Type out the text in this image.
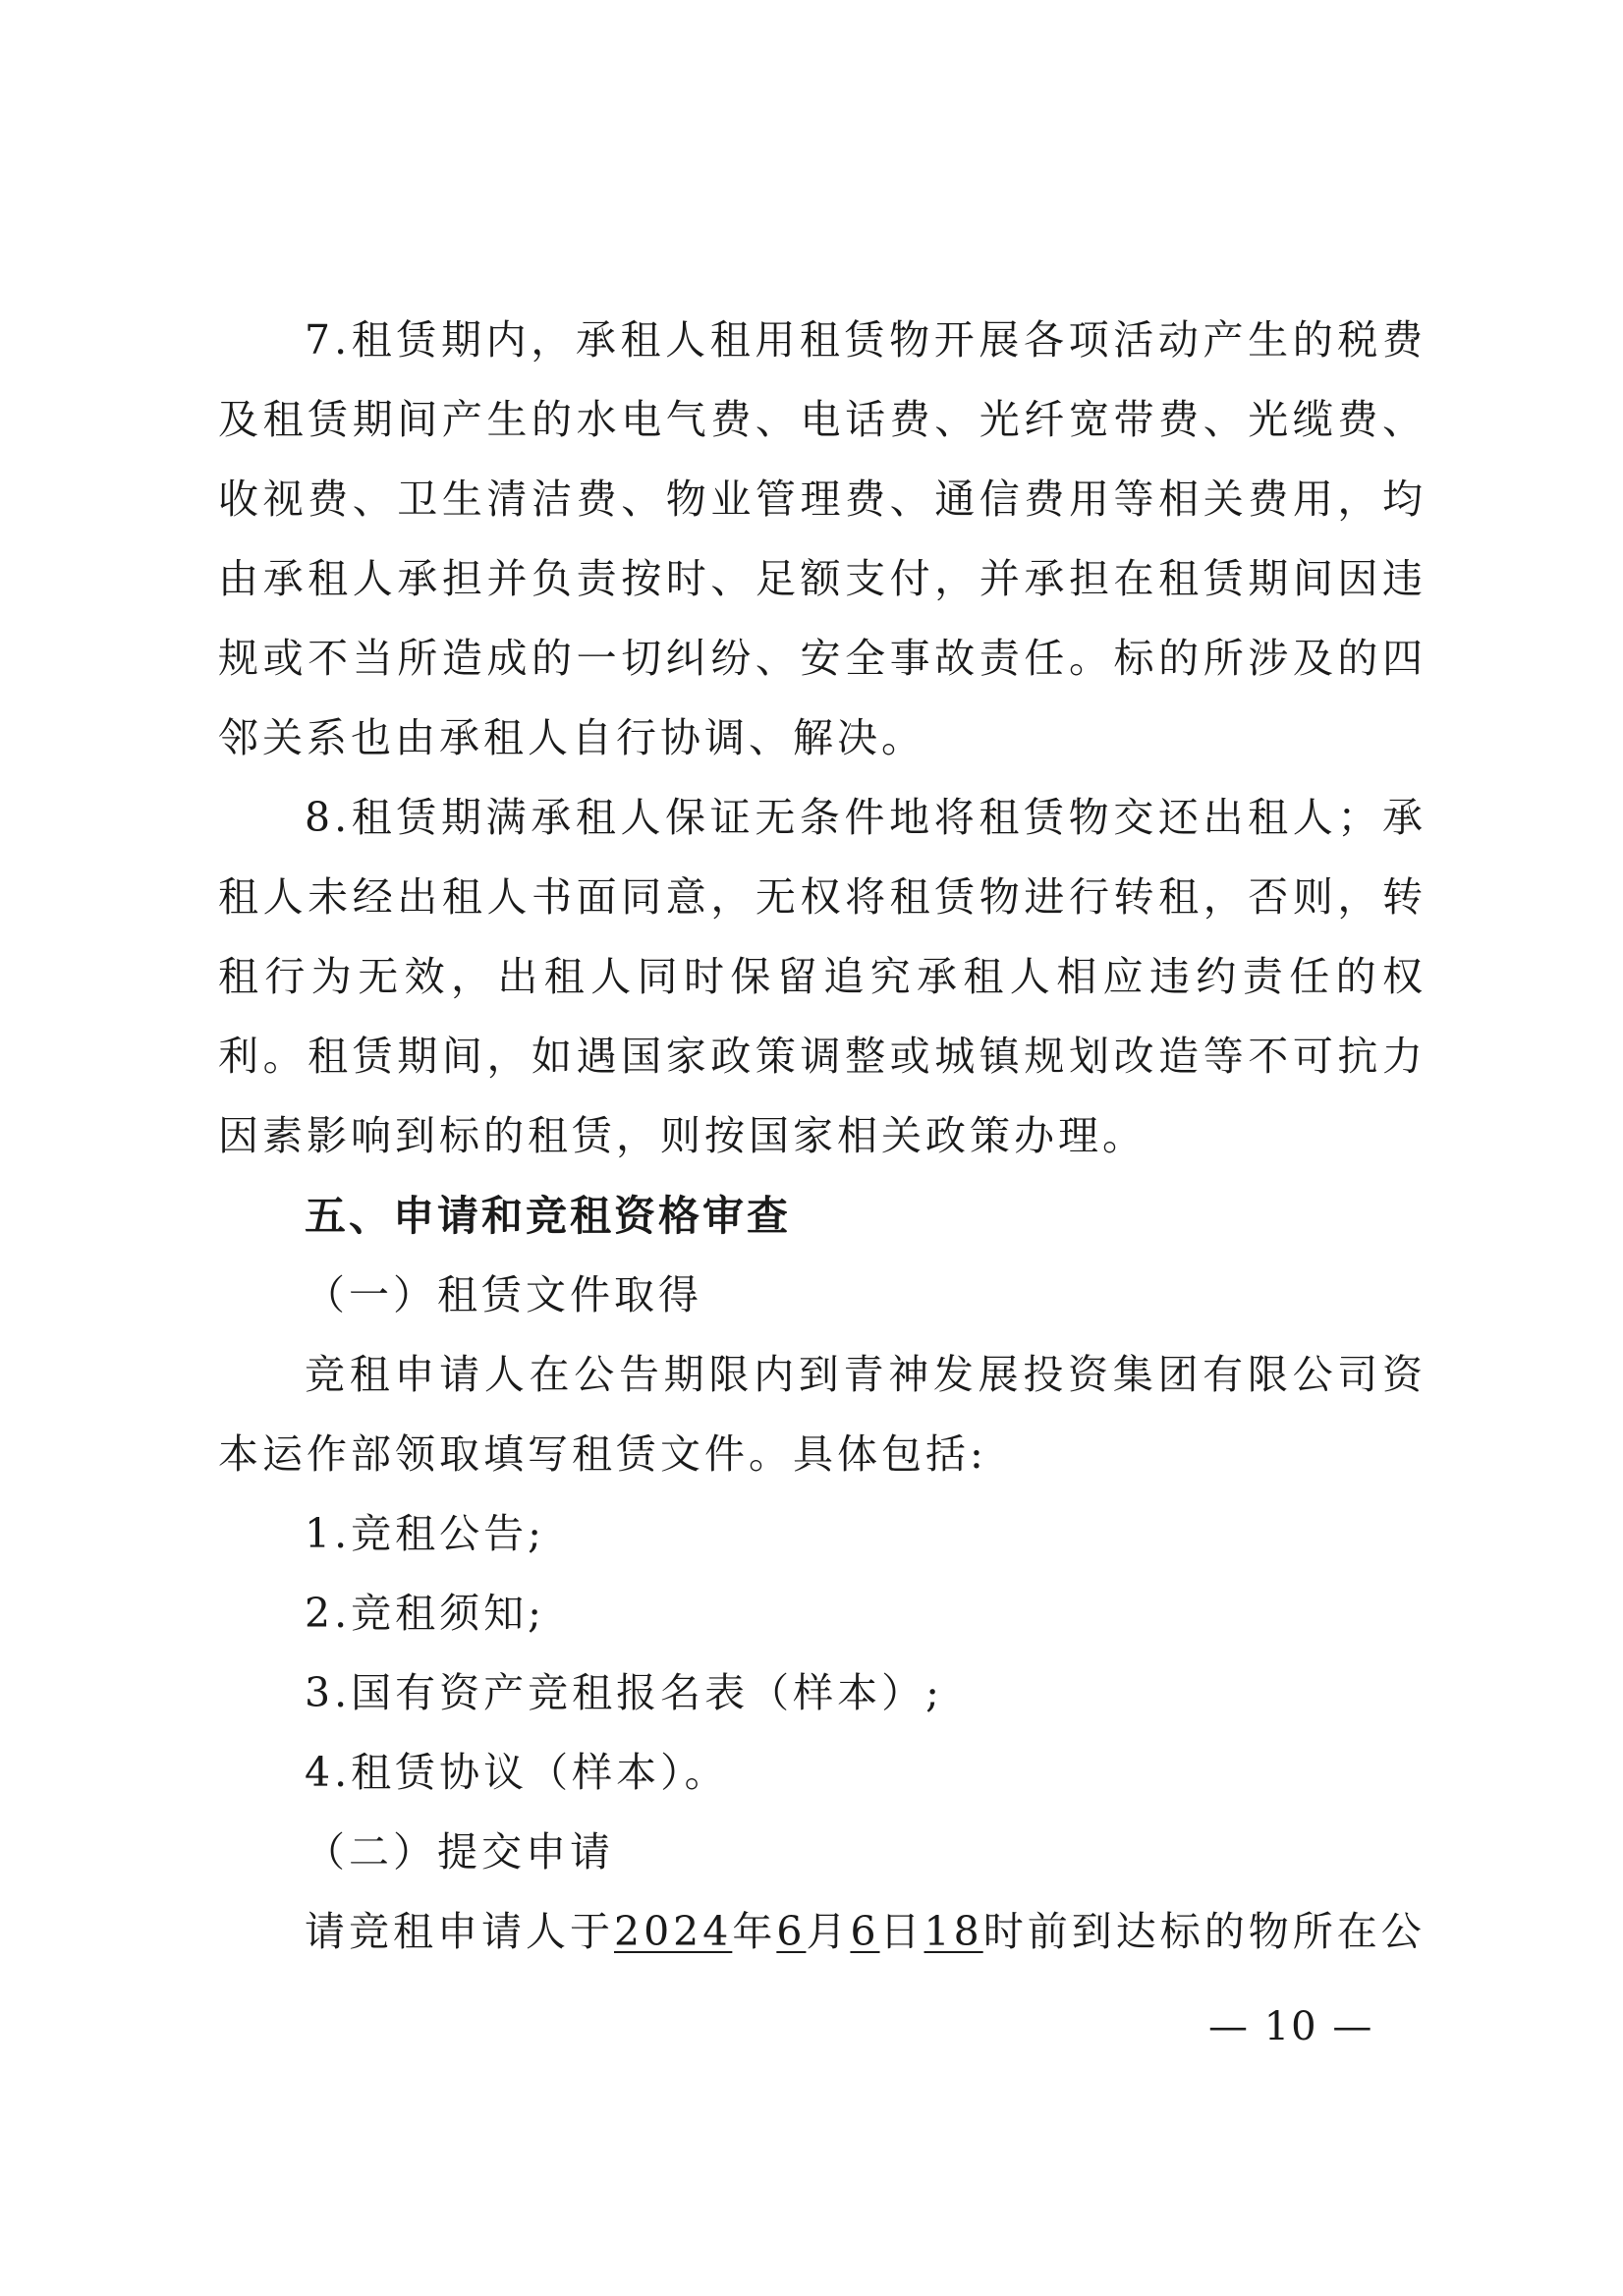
7.租赁期内，承租人租用租赁物开展各项活动产生的税费及租赁期间产生的水电气费、电话费、光纤宽带费、光缆费、收视费、卫生清洁费、物业管理费、通信费用等相关费用，均由承租人承担并负责按时、足额支付，并承担在租赁期间因违规或不当所造成的一切纠纷、安全事故责任。标的所涉及的四邻关系也由承租人自行协调、解决。

8.租赁期满承租人保证无条件地将租赁物交还出租人；承租人未经出租人书面同意，无权将租赁物进行转租，否则，转租行为无效，出租人同时保留追究承租人相应违约责任的权利。租赁期间，如遇国家政策调整或城镇规划改造等不可抗力因素影响到标的租赁，则按国家相关政策办理。

五、申请和竞租资格审查

（一）租赁文件取得

竞租申请人在公告期限内到青神发展投资集团有限公司资本运作部领取填写租赁文件。具体包括:

1.竞租公告;

2.竞租须知;

3.国有资产竞租报名表（样本）;

4.租赁协议（样本）。

（二）提交申请

请竞租申请人于2024年6月6日18时前到达标的物所在公

— 10 —
